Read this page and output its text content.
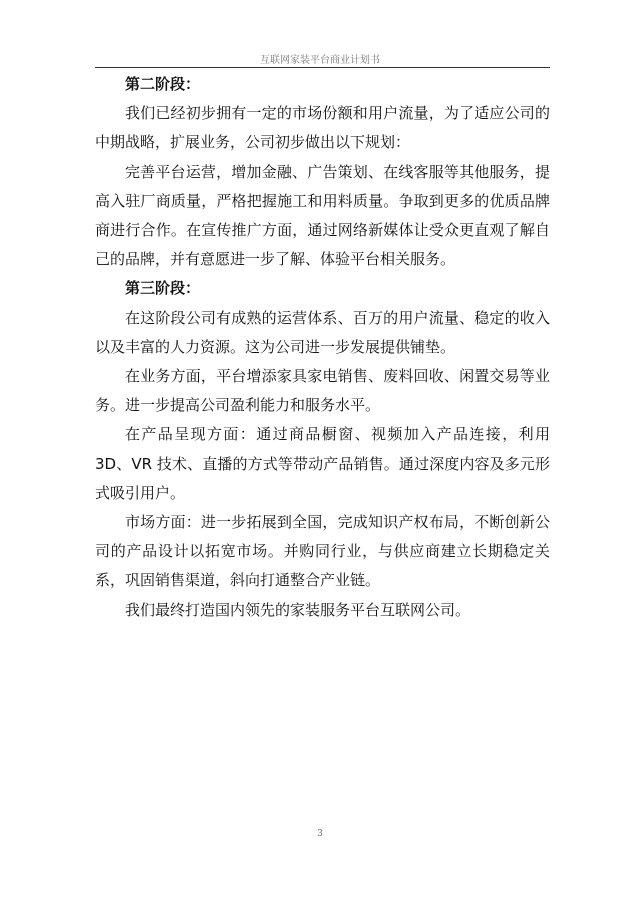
互联网家装平台商业计划书

第二阶段：

我们已经初步拥有一定的市场份额和用户流量，为了适应公司的中期战略，扩展业务，公司初步做出以下规划：

完善平台运营，增加金融、广告策划、在线客服等其他服务，提高入驻厂商质量，严格把握施工和用料质量。争取到更多的优质品牌商进行合作。在宣传推广方面，通过网络新媒体让受众更直观了解自己的品牌，并有意愿进一步了解、体验平台相关服务。

第三阶段：

在这阶段公司有成熟的运营体系、百万的用户流量、稳定的收入以及丰富的人力资源。这为公司进一步发展提供铺垫。

在业务方面，平台增添家具家电销售、废料回收、闲置交易等业务。进一步提高公司盈利能力和服务水平。

在产品呈现方面：通过商品橱窗、视频加入产品连接，利用 3D、VR 技术、直播的方式等带动产品销售。通过深度内容及多元形式吸引用户。

市场方面：进一步拓展到全国，完成知识产权布局，不断创新公司的产品设计以拓宽市场。并购同行业，与供应商建立长期稳定关系，巩固销售渠道，斜向打通整合产业链。

我们最终打造国内领先的家装服务平台互联网公司。

3
